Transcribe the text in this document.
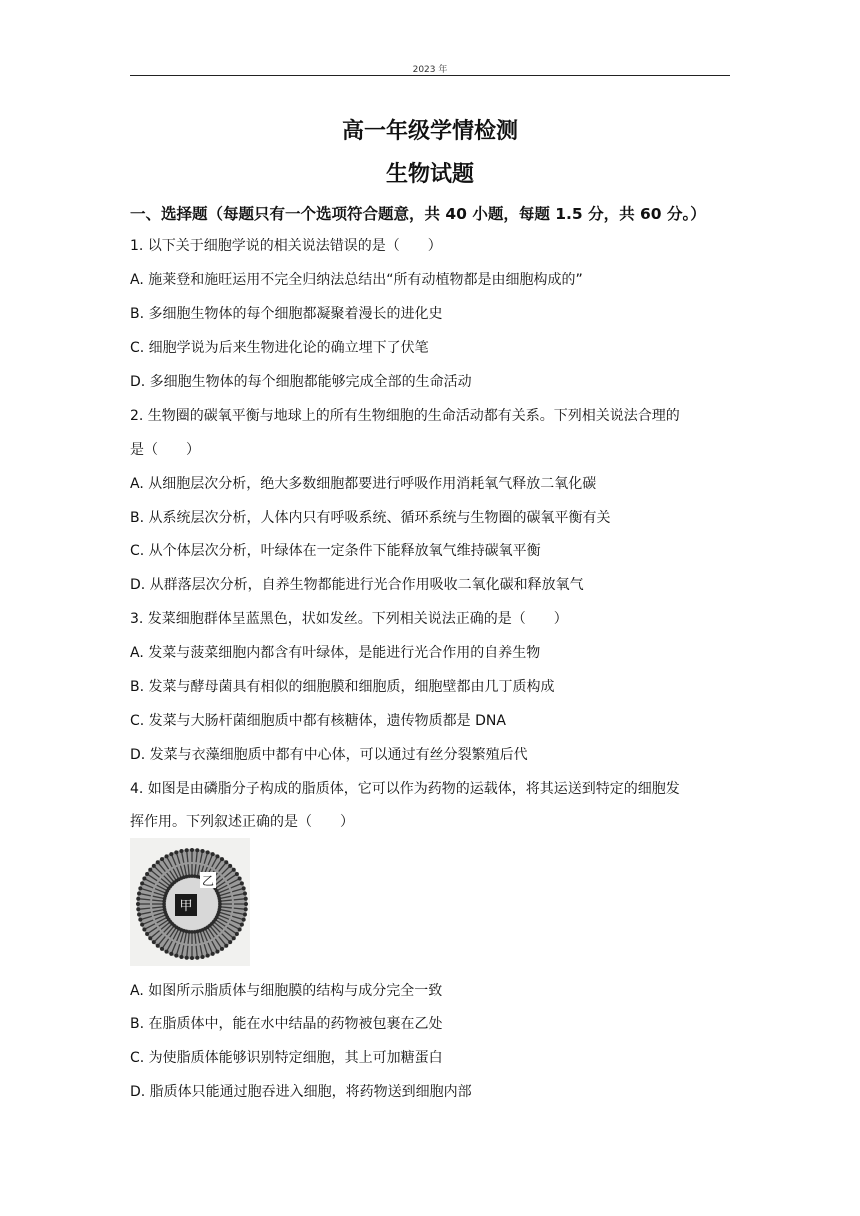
2023 年
高一年级学情检测
生物试题
一、选择题（每题只有一个选项符合题意，共 40 小题，每题 1.5 分，共 60 分。）
1. 以下关于细胞学说的相关说法错误的是（　　）
A. 施莱登和施旺运用不完全归纳法总结出“所有动植物都是由细胞构成的”
B. 多细胞生物体的每个细胞都凝聚着漫长的进化史
C. 细胞学说为后来生物进化论的确立埋下了伏笔
D. 多细胞生物体的每个细胞都能够完成全部的生命活动
2. 生物圈的碳氧平衡与地球上的所有生物细胞的生命活动都有关系。下列相关说法合理的
是（　　）
A. 从细胞层次分析，绝大多数细胞都要进行呼吸作用消耗氧气释放二氧化碳
B. 从系统层次分析，人体内只有呼吸系统、循环系统与生物圈的碳氧平衡有关
C. 从个体层次分析，叶绿体在一定条件下能释放氧气维持碳氧平衡
D. 从群落层次分析，自养生物都能进行光合作用吸收二氧化碳和释放氧气
3. 发菜细胞群体呈蓝黑色，状如发丝。下列相关说法正确的是（　　）
A. 发菜与菠菜细胞内都含有叶绿体，是能进行光合作用的自养生物
B. 发菜与酵母菌具有相似的细胞膜和细胞质，细胞壁都由几丁质构成
C. 发菜与大肠杆菌细胞质中都有核糖体，遗传物质都是 DNA
D. 发菜与衣藻细胞质中都有中心体，可以通过有丝分裂繁殖后代
4. 如图是由磷脂分子构成的脂质体，它可以作为药物的运载体，将其运送到特定的细胞发
挥作用。下列叙述正确的是（　　）
甲
乙
A. 如图所示脂质体与细胞膜的结构与成分完全一致
B. 在脂质体中，能在水中结晶的药物被包裹在乙处
C. 为使脂质体能够识别特定细胞，其上可加糖蛋白
D. 脂质体只能通过胞吞进入细胞，将药物送到细胞内部
